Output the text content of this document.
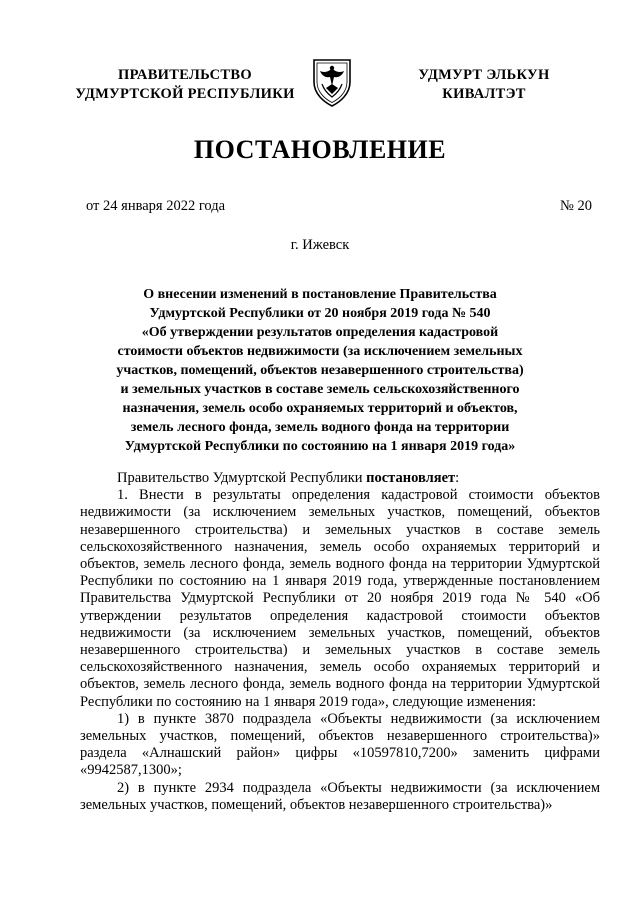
ПРАВИТЕЛЬСТВО
УДМУРТСКОЙ РЕСПУБЛИКИ
УДМУРТ ЭЛЬКУН
КИВАЛТЭТ
ПОСТАНОВЛЕНИЕ
от 24 января 2022 года	№ 20
г. Ижевск
О внесении изменений в постановление Правительства
Удмуртской Республики от 20 ноября 2019 года № 540
«Об утверждении результатов определения кадастровой
стоимости объектов недвижимости (за исключением земельных
участков, помещений, объектов незавершенного строительства)
и земельных участков в составе земель сельскохозяйственного
назначения, земель особо охраняемых территорий и объектов,
земель лесного фонда, земель водного фонда на территории
Удмуртской Республики по состоянию на 1 января 2019 года»

Правительство Удмуртской Республики постановляет:

1. Внести в результаты определения кадастровой стоимости объектов недвижимости (за исключением земельных участков, помещений, объектов незавершенного строительства) и земельных участков в составе земель сельскохозяйственного назначения, земель особо охраняемых территорий и объектов, земель лесного фонда, земель водного фонда на территории Удмуртской Республики по состоянию на 1 января 2019 года, утвержденные постановлением Правительства Удмуртской Республики от 20 ноября 2019 года № 540 «Об утверждении результатов определения кадастровой стоимости объектов недвижимости (за исключением земельных участков, помещений, объектов незавершенного строительства) и земельных участков в составе земель сельскохозяйственного назначения, земель особо охраняемых территорий и объектов, земель лесного фонда, земель водного фонда на территории Удмуртской Республики по состоянию на 1 января 2019 года», следующие изменения:

1) в пункте 3870 подраздела «Объекты недвижимости (за исключением земельных участков, помещений, объектов незавершенного строительства)» раздела «Алнашский район» цифры «10597810,7200» заменить цифрами «9942587,1300»;

2) в пункте 2934 подраздела «Объекты недвижимости (за исключением земельных участков, помещений, объектов незавершенного строительства)»
